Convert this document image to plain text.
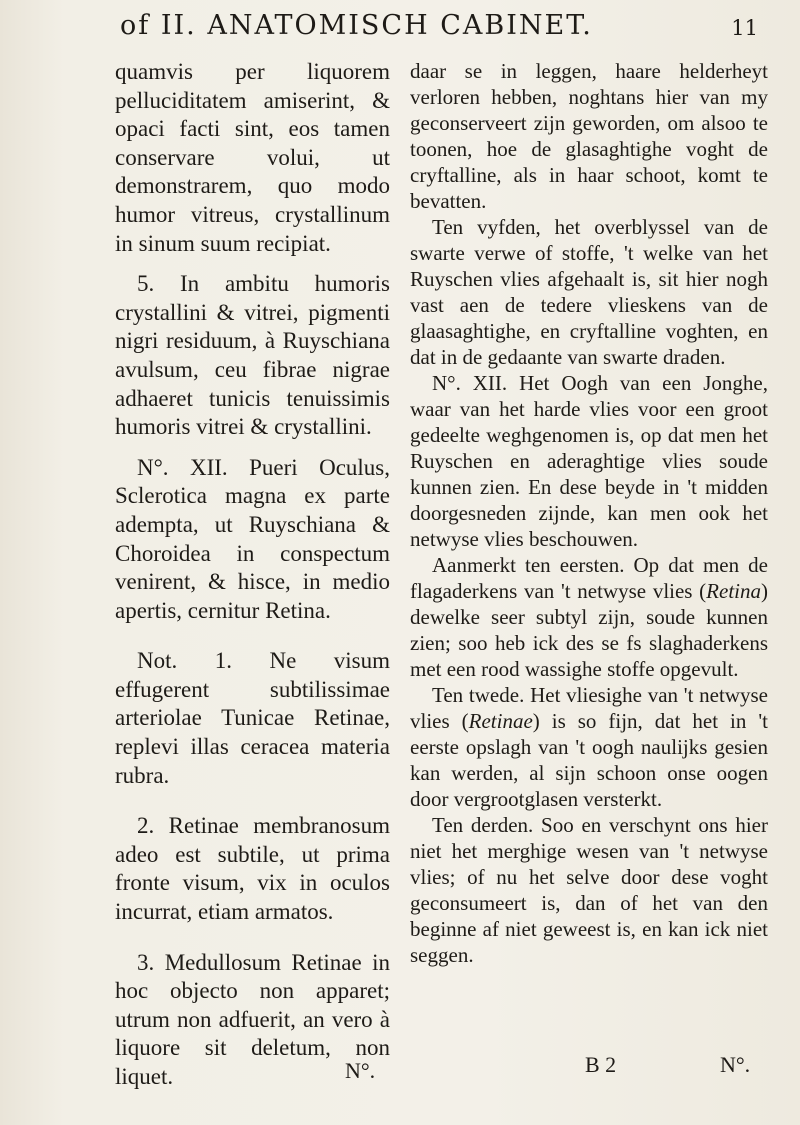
of II. ANATOMISCH CABINET.	11

quamvis per liquorem pelluciditatem amiserint, & opaci facti sint, eos tamen conservare volui, ut demonstrarem, quo modo humor vitreus, crystallinum in sinum suum recipiat.

5. In ambitu humoris crystallini & vitrei, pigmenti nigri residuum, à Ruyschiana avulsum, ceu fibrae nigrae adhaeret tunicis tenuissimis humoris vitrei & crystallini.

N°. XII. Pueri Oculus, Sclerotica magna ex parte adempta, ut Ruyschiana & Choroidea in conspectum venirent, & hisce, in medio apertis, cernitur Retina.

Not. 1. Ne visum effugerent subtilissimae arteriolae Tunicae Retinae, replevi illas ceracea materia rubra.

2. Retinae membranosum adeo est subtile, ut prima fronte visum, vix in oculos incurrat, etiam armatos.

3. Medullosum Retinae in hoc objecto non apparet; utrum non adfuerit, an vero à liquore sit deletum, non liquet.	N°.

daar se in leggen, haare helderheyt verloren hebben, noghtans hier van my geconserveert zijn geworden, om alsoo te toonen, hoe de glasaghtighe voght de cryftalline, als in haar schoot, komt te bevatten.

Ten vyfden, het overblyssel van de swarte verwe of stoffe, 't welke van het Ruyschen vlies afgehaalt is, sit hier nogh vast aen de tedere vlieskens van de glaasaghtighe, en cryftalline voghten, en dat in de gedaante van swarte draden.

N°. XII. Het Oogh van een Jonghe, waar van het harde vlies voor een groot gedeelte weghgenomen is, op dat men het Ruyschen en aderaghtige vlies soude kunnen zien. En dese beyde in 't midden doorgesneden zijnde, kan men ook het netwyse vlies beschouwen.

Aanmerkt ten eersten. Op dat men de flagaderkens van 't netwyse vlies (Retina) dewelke seer subtyl zijn, soude kunnen zien; soo heb ick des se fs slaghaderkens met een rood wassighe stoffe opgevult.

Ten twede. Het vliesighe van 't netwyse vlies (Retinae) is so fijn, dat het in 't eerste opslagh van 't oogh naulijks gesien kan werden, al sijn schoon onse oogen door vergrootglasen versterkt.

Ten derden. Soo en verschynt ons hier niet het merghige wesen van 't netwyse vlies; of nu het selve door dese voght geconsumeert is, dan of het van den beginne af niet geweest is, en kan ick niet seggen.

B 2	N°.
